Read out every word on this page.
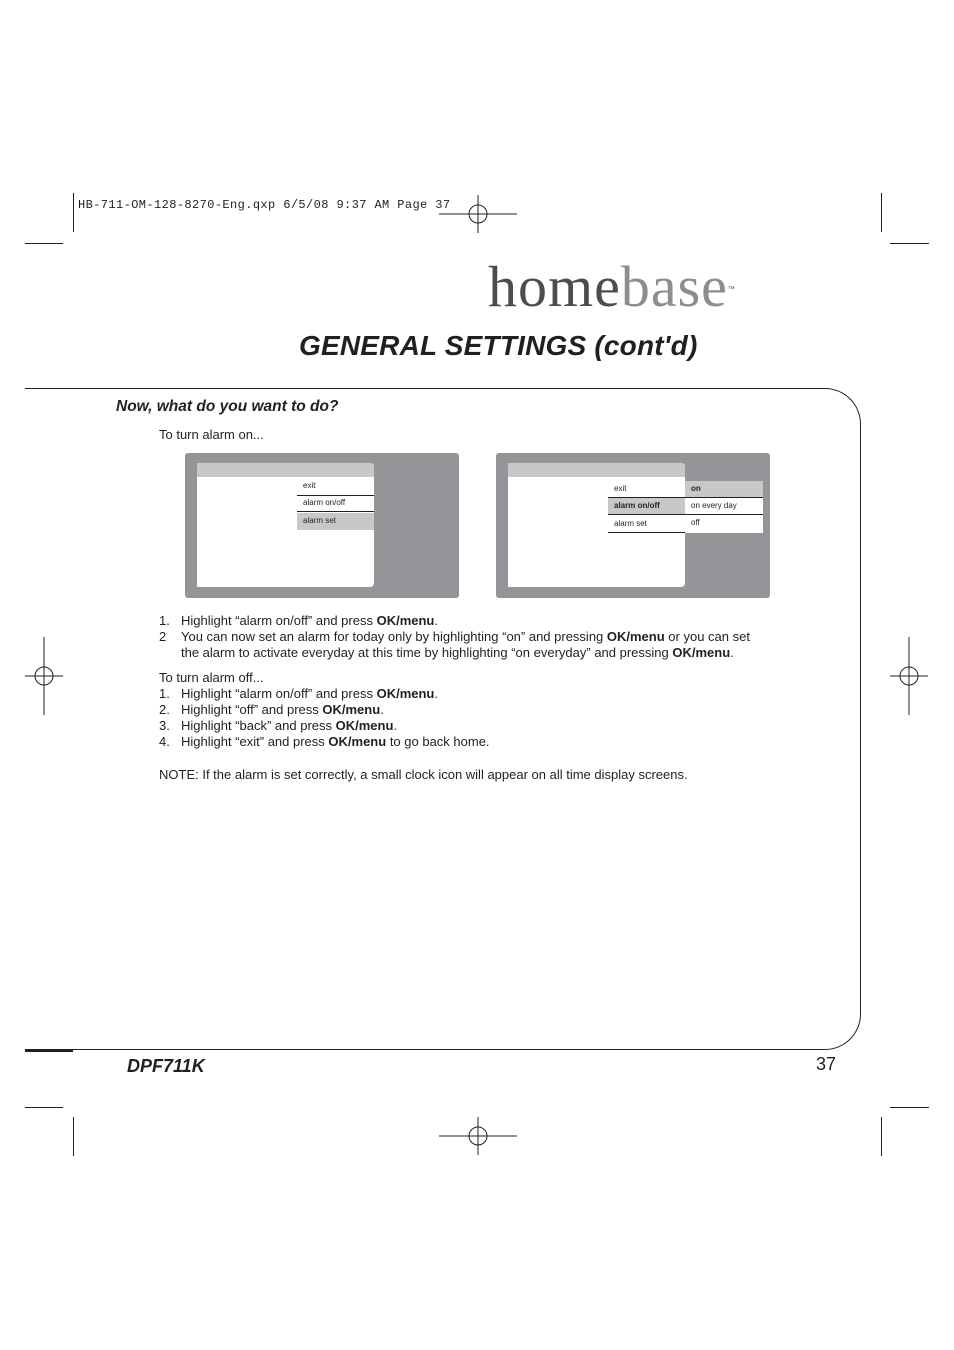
HB-711-OM-128-8270-Eng.qxp 6/5/08 9:37 AM Page 37
homebase™
GENERAL SETTINGS (cont'd)
Now, what do you want to do?
To turn alarm on...
exit
alarm on/off
alarm set
exit
alarm on/off
alarm set
on
on every day
off
1. Highlight “alarm on/off” and press OK/menu.
2 You can now set an alarm for today only by highlighting “on” and pressing OK/menu or you can set
the alarm to activate everyday at this time by highlighting “on everyday” and pressing OK/menu.
To turn alarm off...
1. Highlight “alarm on/off” and press OK/menu.
2. Highlight “off” and press OK/menu.
3. Highlight “back” and press OK/menu.
4. Highlight “exit” and press OK/menu to go back home.
NOTE: If the alarm is set correctly, a small clock icon will appear on all time display screens.
DPF711K	37
